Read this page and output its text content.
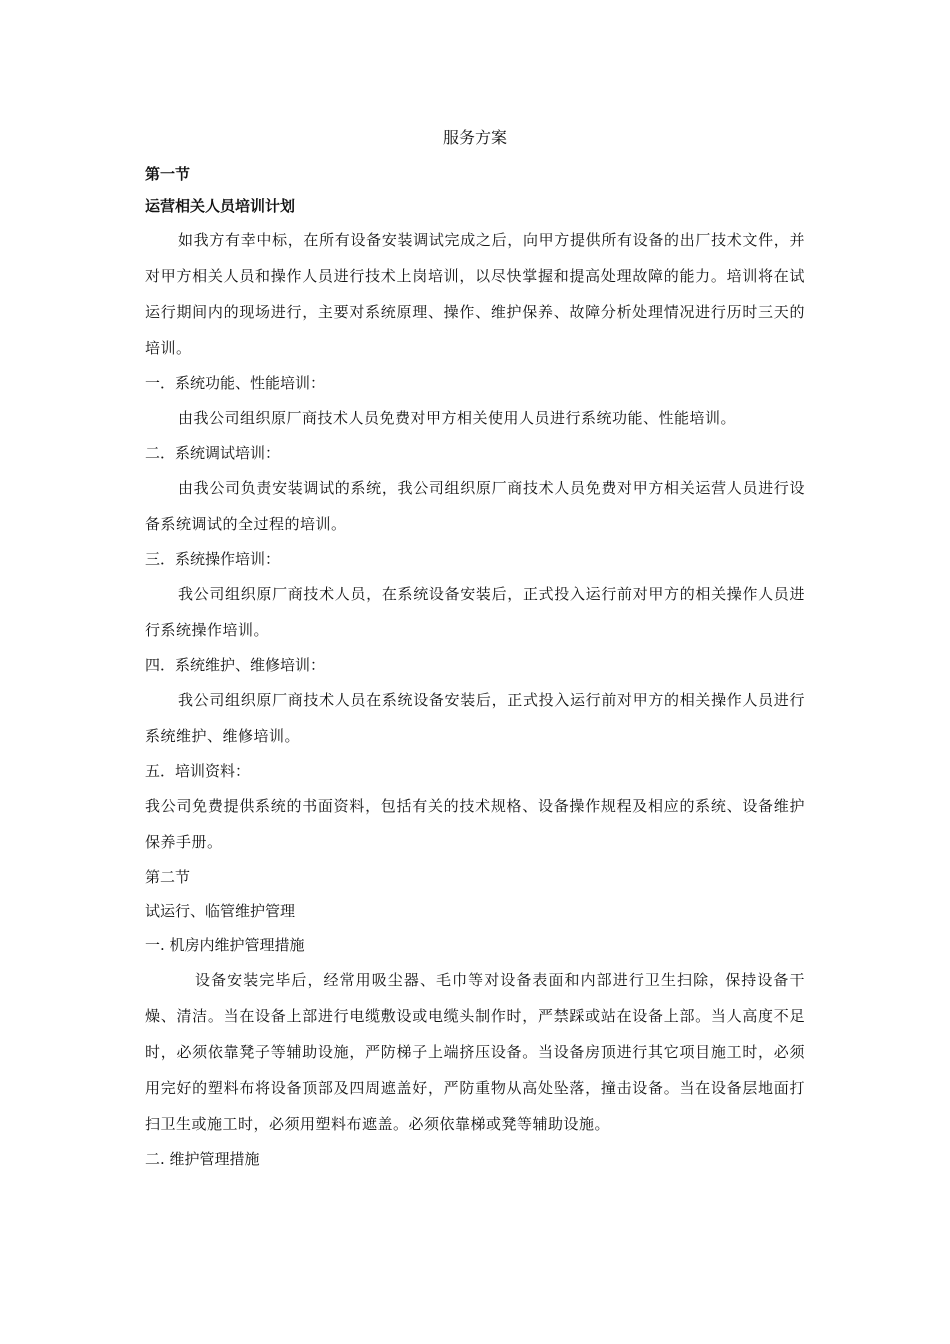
服务方案

第一节

运营相关人员培训计划

如我方有幸中标，在所有设备安装调试完成之后，向甲方提供所有设备的出厂技术文件，并对甲方相关人员和操作人员进行技术上岗培训，以尽快掌握和提高处理故障的能力。培训将在试运行期间内的现场进行，主要对系统原理、操作、维护保养、故障分析处理情况进行历时三天的培训。

一．系统功能、性能培训：

由我公司组织原厂商技术人员免费对甲方相关使用人员进行系统功能、性能培训。

二．系统调试培训：

由我公司负责安装调试的系统，我公司组织原厂商技术人员免费对甲方相关运营人员进行设备系统调试的全过程的培训。

三．系统操作培训：

我公司组织原厂商技术人员，在系统设备安装后，正式投入运行前对甲方的相关操作人员进行系统操作培训。

四．系统维护、维修培训：

我公司组织原厂商技术人员在系统设备安装后，正式投入运行前对甲方的相关操作人员进行系统维护、维修培训。

五．培训资料：

我公司免费提供系统的书面资料，包括有关的技术规格、设备操作规程及相应的系统、设备维护保养手册。

第二节

试运行、临管维护管理

一. 机房内维护管理措施

设备安装完毕后，经常用吸尘器、毛巾等对设备表面和内部进行卫生扫除，保持设备干燥、清洁。当在设备上部进行电缆敷设或电缆头制作时，严禁踩或站在设备上部。当人高度不足时，必须依靠凳子等辅助设施，严防梯子上端挤压设备。当设备房顶进行其它项目施工时，必须用完好的塑料布将设备顶部及四周遮盖好，严防重物从高处坠落，撞击设备。当在设备层地面打扫卫生或施工时，必须用塑料布遮盖。必须依靠梯或凳等辅助设施。

二. 维护管理措施
